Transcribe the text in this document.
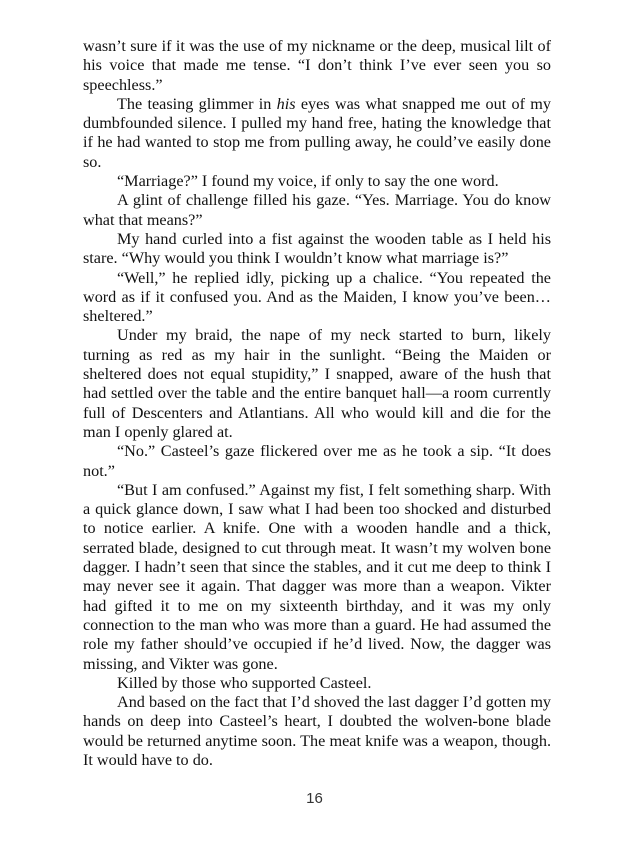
wasn’t sure if it was the use of my nickname or the deep, musical lilt of his voice that made me tense. “I don’t think I’ve ever seen you so speechless.”

The teasing glimmer in his eyes was what snapped me out of my dumbfounded silence. I pulled my hand free, hating the knowledge that if he had wanted to stop me from pulling away, he could’ve easily done so.

“Marriage?” I found my voice, if only to say the one word.

A glint of challenge filled his gaze. “Yes. Marriage. You do know what that means?”

My hand curled into a fist against the wooden table as I held his stare. “Why would you think I wouldn’t know what marriage is?”

“Well,” he replied idly, picking up a chalice. “You repeated the word as if it confused you. And as the Maiden, I know you’ve been…sheltered.”

Under my braid, the nape of my neck started to burn, likely turning as red as my hair in the sunlight. “Being the Maiden or sheltered does not equal stupidity,” I snapped, aware of the hush that had settled over the table and the entire banquet hall—a room currently full of Descenters and Atlantians. All who would kill and die for the man I openly glared at.

“No.” Casteel’s gaze flickered over me as he took a sip. “It does not.”

“But I am confused.” Against my fist, I felt something sharp. With a quick glance down, I saw what I had been too shocked and disturbed to notice earlier. A knife. One with a wooden handle and a thick, serrated blade, designed to cut through meat. It wasn’t my wolven bone dagger. I hadn’t seen that since the stables, and it cut me deep to think I may never see it again. That dagger was more than a weapon. Vikter had gifted it to me on my sixteenth birthday, and it was my only connection to the man who was more than a guard. He had assumed the role my father should’ve occupied if he’d lived. Now, the dagger was missing, and Vikter was gone.

Killed by those who supported Casteel.

And based on the fact that I’d shoved the last dagger I’d gotten my hands on deep into Casteel’s heart, I doubted the wolven-bone blade would be returned anytime soon. The meat knife was a weapon, though. It would have to do.

16
